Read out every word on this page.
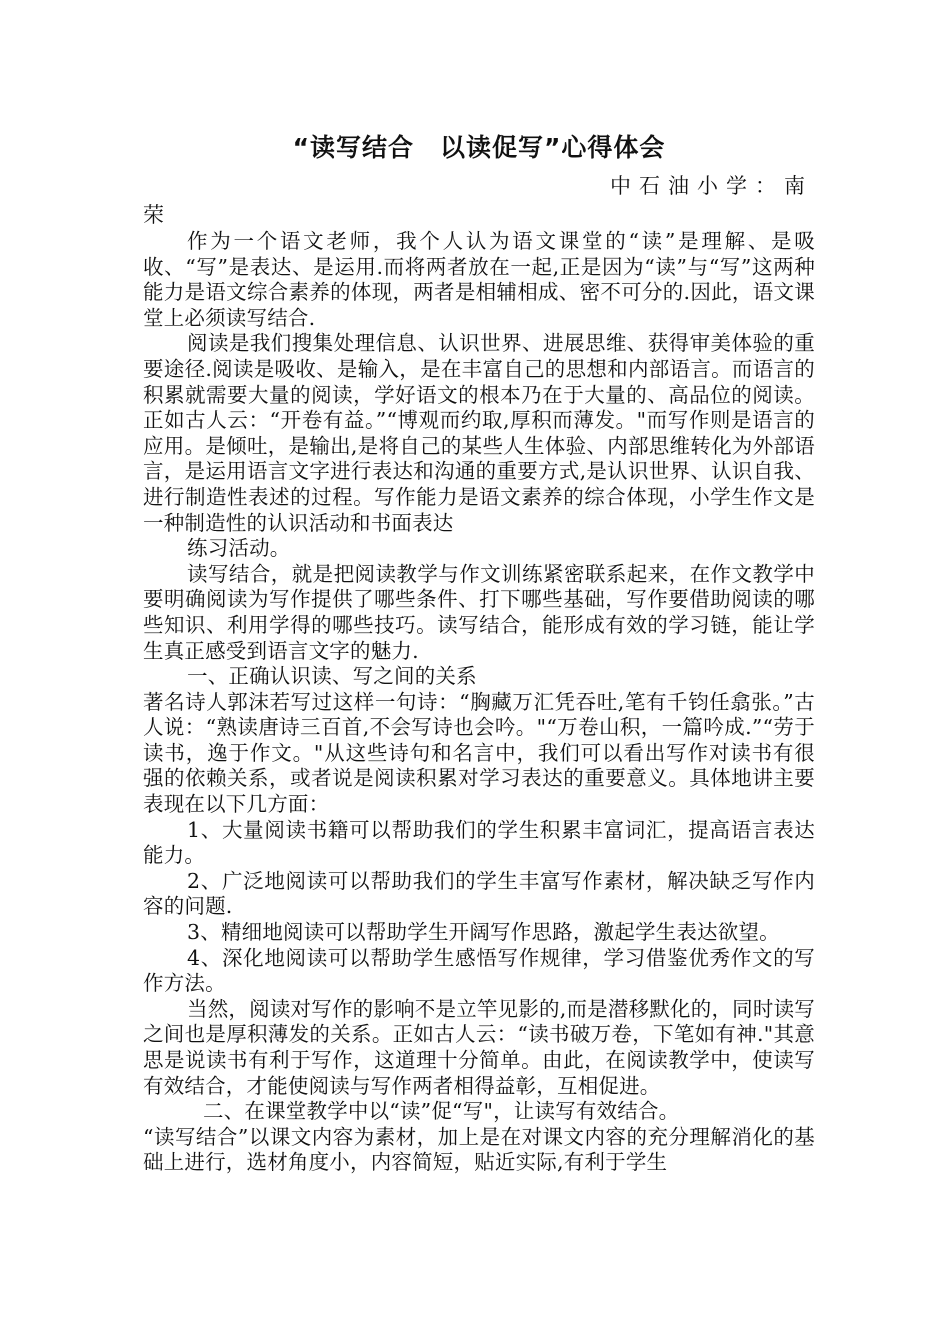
“读写结合　以读促写”心得体会
中石油小学：南
荣

作为一个语文老师，我个人认为语文课堂的“读”是理解、是吸收、“写”是表达、是运用.而将两者放在一起,正是因为“读”与“写”这两种能力是语文综合素养的体现，两者是相辅相成、密不可分的.因此，语文课堂上必须读写结合.

阅读是我们搜集处理信息、认识世界、进展思维、获得审美体验的重要途径.阅读是吸收、是输入，是在丰富自己的思想和内部语言。而语言的积累就需要大量的阅读，学好语文的根本乃在于大量的、高品位的阅读。正如古人云：“开卷有益。”“博观而约取,厚积而薄发。"而写作则是语言的应用。是倾吐，是输出,是将自己的某些人生体验、内部思维转化为外部语言，是运用语言文字进行表达和沟通的重要方式,是认识世界、认识自我、进行制造性表述的过程。写作能力是语文素养的综合体现，小学生作文是一种制造性的认识活动和书面表达

练习活动。

读写结合，就是把阅读教学与作文训练紧密联系起来，在作文教学中要明确阅读为写作提供了哪些条件、打下哪些基础，写作要借助阅读的哪些知识、利用学得的哪些技巧。读写结合，能形成有效的学习链，能让学生真正感受到语言文字的魅力.

一、正确认识读、写之间的关系

著名诗人郭沫若写过这样一句诗：“胸藏万汇凭吞吐,笔有千钧任翕张。”古人说：“熟读唐诗三百首,不会写诗也会吟。"“万卷山积，一篇吟成.”“劳于读书，逸于作文。"从这些诗句和名言中，我们可以看出写作对读书有很强的依赖关系，或者说是阅读积累对学习表达的重要意义。具体地讲主要表现在以下几方面：

1、大量阅读书籍可以帮助我们的学生积累丰富词汇，提高语言表达能力。

2、广泛地阅读可以帮助我们的学生丰富写作素材，解决缺乏写作内容的问题.

3、精细地阅读可以帮助学生开阔写作思路，激起学生表达欲望。

4、深化地阅读可以帮助学生感悟写作规律，学习借鉴优秀作文的写作方法。

当然，阅读对写作的影响不是立竿见影的,而是潜移默化的，同时读写之间也是厚积薄发的关系。正如古人云：“读书破万卷，下笔如有神."其意思是说读书有利于写作，这道理十分简单。由此，在阅读教学中，使读写有效结合，才能使阅读与写作两者相得益彰，互相促进。

二、在课堂教学中以“读”促“写"，让读写有效结合。

“读写结合”以课文内容为素材，加上是在对课文内容的充分理解消化的基础上进行，选材角度小，内容简短，贴近实际,有利于学生
